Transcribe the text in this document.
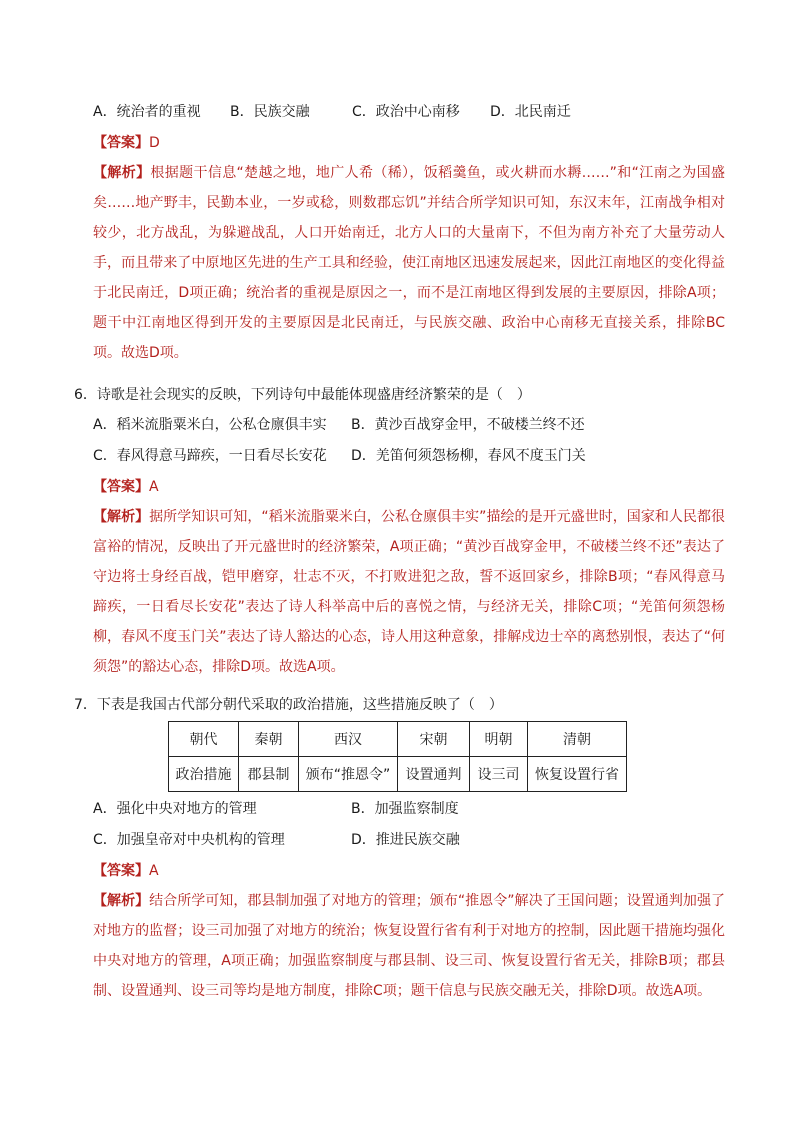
A．统治者的重视 B．民族交融	C．政治中心南移 D．北民南迁
【答案】D
【解析】根据题干信息“楚越之地，地广人希（稀），饭稻羹鱼，或火耕而水耨……”和“江南之为国盛矣……地产野丰，民勤本业，一岁或稔，则数郡忘饥”并结合所学知识可知，东汉末年，江南战争相对较少，北方战乱，为躲避战乱，人口开始南迁，北方人口的大量南下，不但为南方补充了大量劳动人手，而且带来了中原地区先进的生产工具和经验，使江南地区迅速发展起来，因此江南地区的变化得益于北民南迁，D项正确；统治者的重视是原因之一，而不是江南地区得到发展的主要原因，排除A项；题干中江南地区得到开发的主要原因是北民南迁，与民族交融、政治中心南移无直接关系，排除BC项。故选D项。
6．诗歌是社会现实的反映，下列诗句中最能体现盛唐经济繁荣的是（　）
A．稻米流脂粟米白，公私仓廪俱丰实 B．黄沙百战穿金甲，不破楼兰终不还
C．春风得意马蹄疾，一日看尽长安花 D．羌笛何须怨杨柳，春风不度玉门关
【答案】A
【解析】据所学知识可知，“稻米流脂粟米白，公私仓廪俱丰实”描绘的是开元盛世时，国家和人民都很富裕的情况，反映出了开元盛世时的经济繁荣，A项正确；“黄沙百战穿金甲，不破楼兰终不还”表达了守边将士身经百战，铠甲磨穿，壮志不灭，不打败进犯之敌，誓不返回家乡，排除B项；“春风得意马蹄疾，一日看尽长安花”表达了诗人科举高中后的喜悦之情，与经济无关，排除C项；“羌笛何须怨杨柳，春风不度玉门关”表达了诗人豁达的心态，诗人用这种意象，排解戍边士卒的离愁别恨，表达了“何须怨”的豁达心态，排除D项。故选A项。
7．下表是我国古代部分朝代采取的政治措施，这些措施反映了（　）
朝代	秦朝	西汉	宋朝	明朝	清朝
政治措施	郡县制	颁布“推恩令”	设置通判	设三司	恢复设置行省
A．强化中央对地方的管理	B．加强监察制度
C．加强皇帝对中央机构的管理	D．推进民族交融
【答案】A
【解析】结合所学可知，郡县制加强了对地方的管理；颁布“推恩令”解决了王国问题；设置通判加强了对地方的监督；设三司加强了对地方的统治；恢复设置行省有利于对地方的控制，因此题干措施均强化中央对地方的管理，A项正确；加强监察制度与郡县制、设三司、恢复设置行省无关，排除B项；郡县制、设置通判、设三司等均是地方制度，排除C项；题干信息与民族交融无关，排除D项。故选A项。
